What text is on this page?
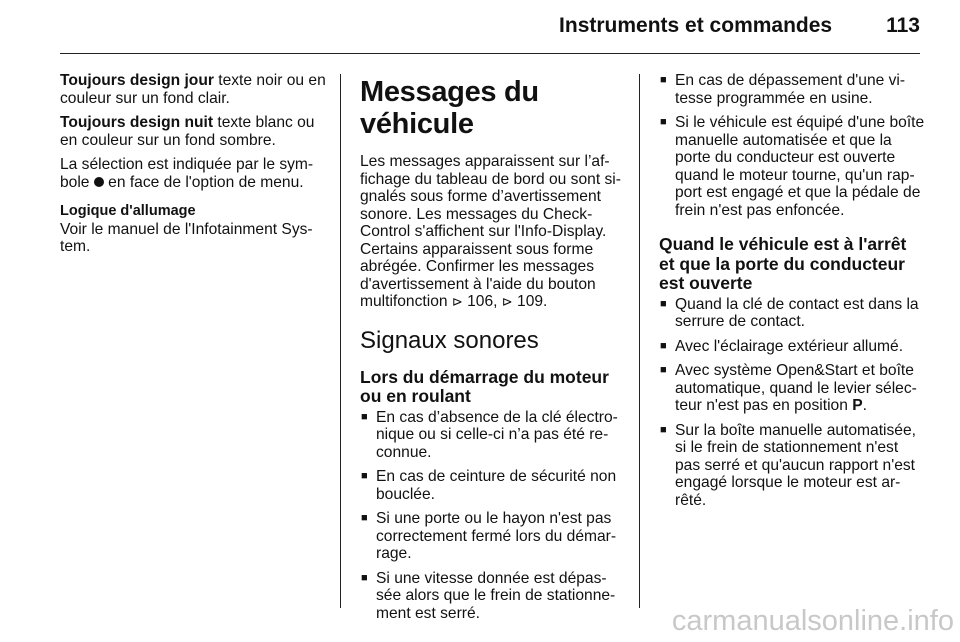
Instruments et commandes	113

Toujours design jour texte noir ou en couleur sur un fond clair.

Toujours design nuit texte blanc ou en couleur sur un fond sombre.

La sélection est indiquée par le sym-bole  en face de l'option de menu.

Logique d'allumage

Voir le manuel de l'Infotainment Sys-tem.

Messages du véhicule

Les messages apparaissent sur l’af-fichage du tableau de bord ou sont si-gnalés sous forme d’avertissement sonore. Les messages du Check-Control s'affichent sur l'Info-Display. Certains apparaissent sous forme abrégée. Confirmer les messages d'avertissement à l'aide du bouton multifonction ⊳ 106, ⊳ 109.

Signaux sonores
Lors du démarrage du moteur ou en roulant
■ En cas d’absence de la clé électro-nique ou si celle-ci n’a pas été re-connue.
■ En cas de ceinture de sécurité non bouclée.
■ Si une porte ou le hayon n'est pas correctement fermé lors du démar-rage.
■ Si une vitesse donnée est dépas-sée alors que le frein de stationne-ment est serré.
■ En cas de dépassement d'une vi-tesse programmée en usine.
■ Si le véhicule est équipé d'une boîte manuelle automatisée et que la porte du conducteur est ouverte quand le moteur tourne, qu'un rap-port est engagé et que la pédale de frein n'est pas enfoncée.
Quand le véhicule est à l'arrêt et que la porte du conducteur est ouverte
■ Quand la clé de contact est dans la serrure de contact.
■ Avec l'éclairage extérieur allumé.
■ Avec système Open&Start et boîte automatique, quand le levier sélec-teur n'est pas en position P.
■ Sur la boîte manuelle automatisée, si le frein de stationnement n'est pas serré et qu'aucun rapport n'est engagé lorsque le moteur est ar-rêté.
carmanualsonline.info
